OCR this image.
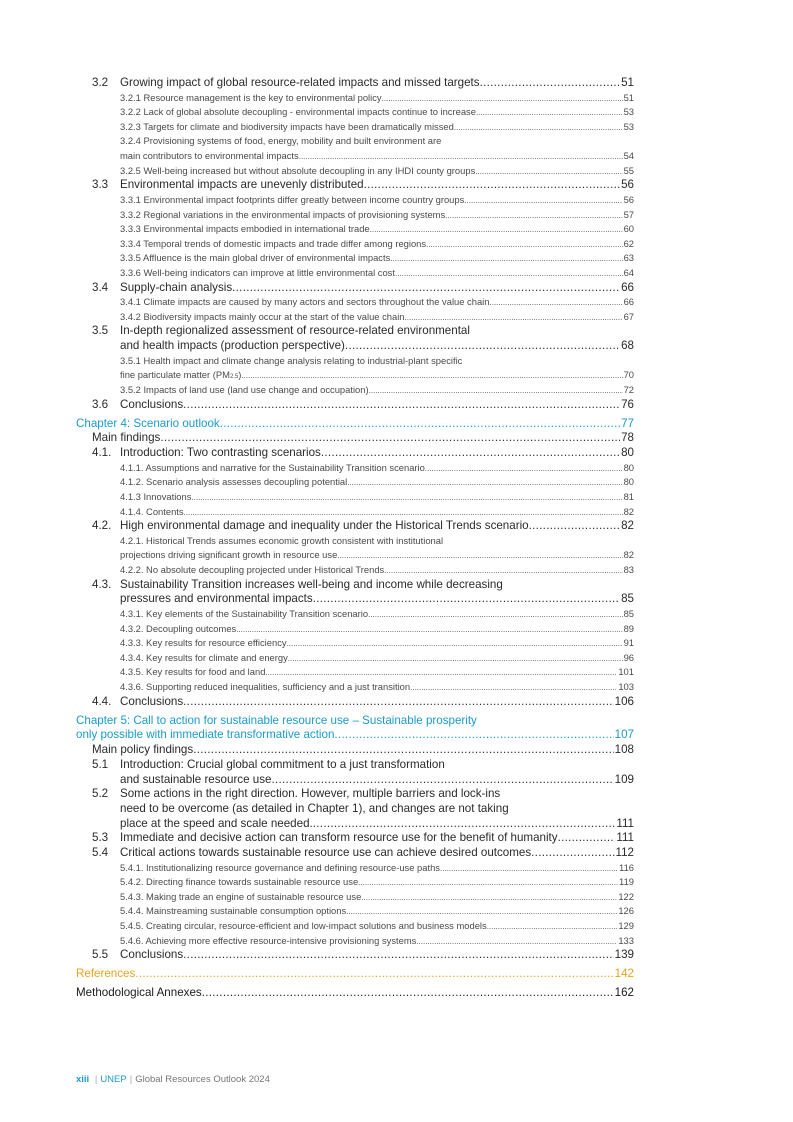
3.2	Growing impact of global resource-related impacts and missed targets .....	51
3.2.1 Resource management is the key to environmental policy .....	51
3.2.2 Lack of global absolute decoupling - environmental impacts continue to increase .....	53
3.2.3 Targets for climate and biodiversity impacts have been dramatically missed .....	53
3.2.4 Provisioning systems of food, energy, mobility and built environment are
main contributors to environmental impacts .....	54
3.2.5 Well-being increased but without absolute decoupling in any IHDI county groups .....	55
3.3	Environmental impacts are unevenly distributed .....	56
3.3.1 Environmental impact footprints differ greatly between income country groups .....	56
3.3.2 Regional variations in the environmental impacts of provisioning systems .....	57
3.3.3 Environmental impacts embodied in international trade .....	60
3.3.4 Temporal trends of domestic impacts and trade differ among regions .....	62
3.3.5 Affluence is the main global driver of environmental impacts .....	63
3.3.6 Well-being indicators can improve at little environmental cost .....	64
3.4	Supply-chain analysis .....	66
3.4.1 Climate impacts are caused by many actors and sectors throughout the value chain .....	66
3.4.2 Biodiversity impacts mainly occur at the start of the value chain .....	67
3.5	In-depth regionalized assessment of resource-related environmental
and health impacts (production perspective) .....	68
3.5.1 Health impact and climate change analysis relating to industrial-plant specific
fine particulate matter (PM 2.5 ) .....	70
3.5.2 Impacts of land use (land use change and occupation) .....	72
3.6	Conclusions .....	76
Chapter 4: Scenario outlook .....	77
Main findings .....	78
4.1. Introduction: Two contrasting scenarios .....	80
4.1.1. Assumptions and narrative for the Sustainability Transition scenario .....	80
4.1.2. Scenario analysis assesses decoupling potential .....	80
4.1.3 Innovations .....	81
4.1.4. Contents .....	82
4.2. High environmental damage and inequality under the Historical Trends scenario .....	82
4.2.1. Historical Trends assumes economic growth consistent with institutional
projections driving significant growth in resource use .....	82
4.2.2. No absolute decoupling projected under Historical Trends .....	83
4.3. Sustainability Transition increases well-being and income while decreasing
pressures and environmental impacts .....	85
4.3.1. Key elements of the Sustainability Transition scenario .....	85
4.3.2. Decoupling outcomes .....	89
4.3.3. Key results for resource efficiency .....	91
4.3.4. Key results for climate and energy .....	96
4.3.5. Key results for food and land .....	101
4.3.6. Supporting reduced inequalities, sufficiency and a just transition .....	103
4.4. Conclusions .....	106
Chapter 5: Call to action for sustainable resource use – Sustainable prosperity
only possible with immediate transformative action .....	107
Main policy findings .....	108
5.1	Introduction: Crucial global commitment to a just transformation
and sustainable resource use .....	109
5.2	Some actions in the right direction. However, multiple barriers and lock-ins
need to be overcome (as detailed in Chapter 1), and changes are not taking
place at the speed and scale needed. .....	111
5.3	Immediate and decisive action can transform resource use for the benefit of humanity .....	111
5.4	Critical actions towards sustainable resource use can achieve desired outcomes .....	112
5.4.1. Institutionalizing resource governance and defining resource-use paths .....	116
5.4.2. Directing finance towards sustainable resource use .....	119
5.4.3. Making trade an engine of sustainable resource use .....	122
5.4.4. Mainstreaming sustainable consumption options .....	126
5.4.5. Creating circular, resource-efficient and low-impact solutions and business models .....	129
5.4.6. Achieving more effective resource-intensive provisioning systems .....	133
5.5	Conclusions .....	139
References .....	142
Methodological Annexes .....	162
xiii | UNEP | Global Resources Outlook 2024
